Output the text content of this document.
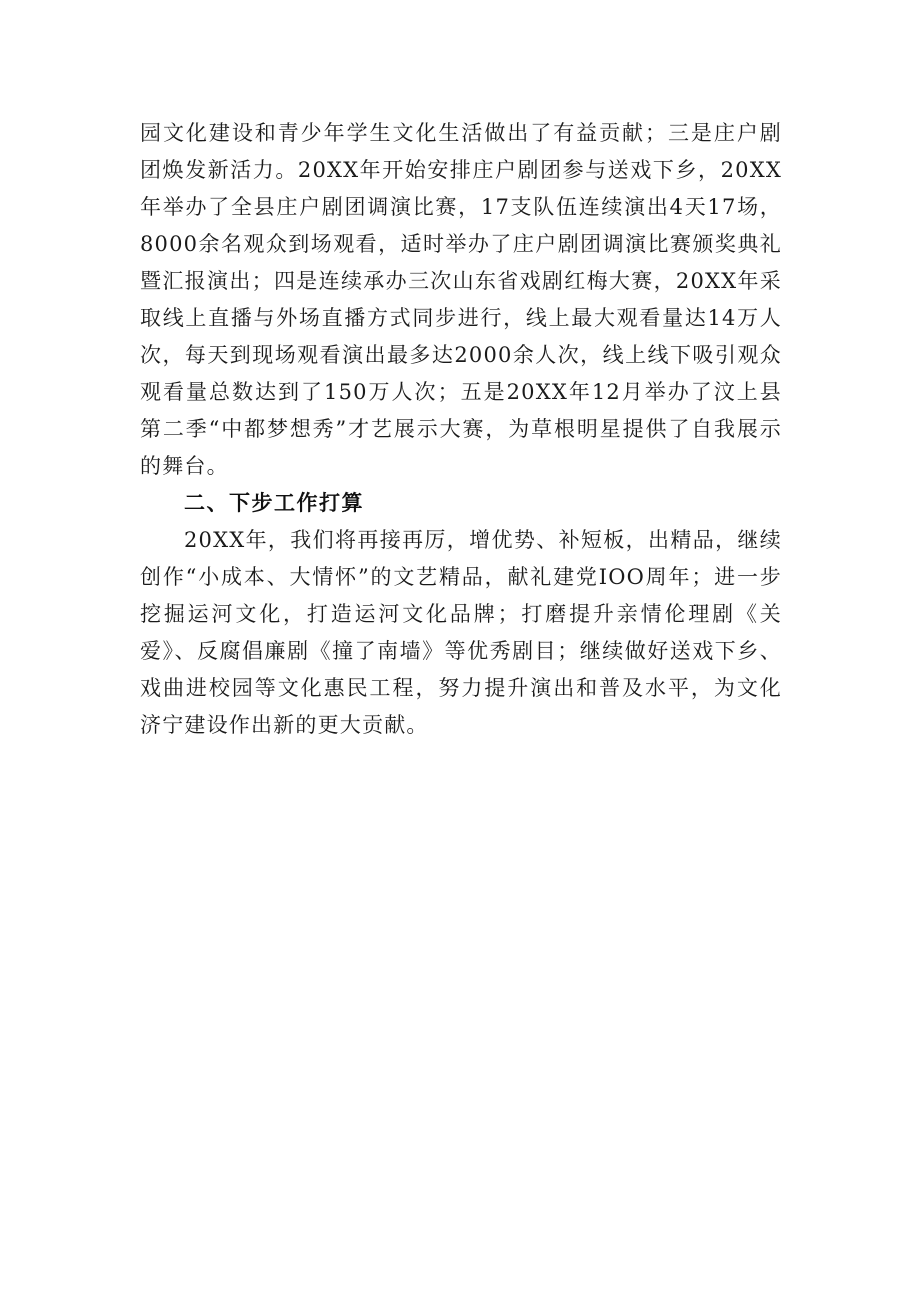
园文化建设和青少年学生文化生活做出了有益贡献；三是庄户剧团焕发新活力。20XX年开始安排庄户剧团参与送戏下乡，20XX年举办了全县庄户剧团调演比赛，17支队伍连续演出4天17场，8000余名观众到场观看，适时举办了庄户剧团调演比赛颁奖典礼暨汇报演出；四是连续承办三次山东省戏剧红梅大赛，20XX年采取线上直播与外场直播方式同步进行，线上最大观看量达14万人次，每天到现场观看演出最多达2000余人次，线上线下吸引观众观看量总数达到了150万人次；五是20XX年12月举办了汶上县第二季“中都梦想秀”才艺展示大赛，为草根明星提供了自我展示的舞台。

二、下步工作打算

20XX年，我们将再接再厉，增优势、补短板，出精品，继续创作“小成本、大情怀”的文艺精品，献礼建党IOO周年；进一步挖掘运河文化，打造运河文化品牌；打磨提升亲情伦理剧《关爱》、反腐倡廉剧《撞了南墙》等优秀剧目；继续做好送戏下乡、戏曲进校园等文化惠民工程，努力提升演出和普及水平，为文化济宁建设作出新的更大贡献。
